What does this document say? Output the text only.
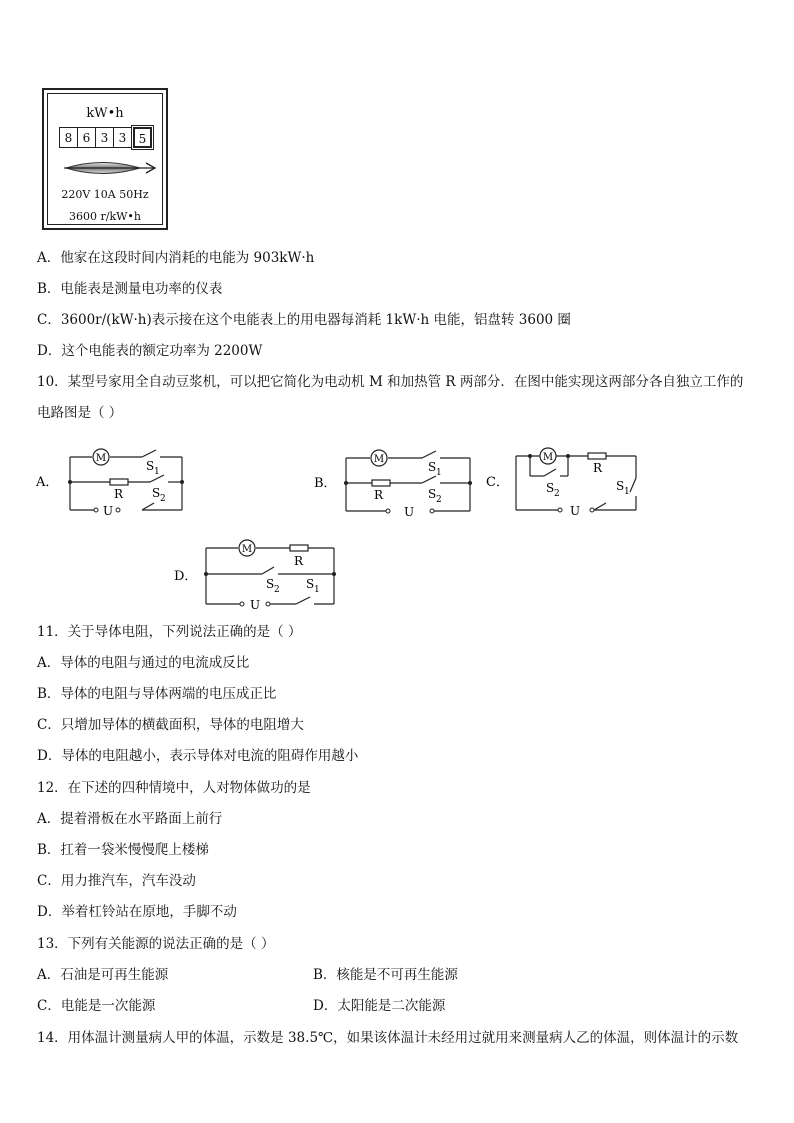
kW•h
8 6 3 3	5
220V 10A 50Hz
3600 r/kW•h
A．他家在这段时间内消耗的电能为 903kW·h
B．电能表是测量电功率的仪表
C．3600r/(kW·h)表示接在这个电能表上的用电器每消耗 1kW·h 电能，铝盘转 3600 圈
D．这个电能表的额定功率为 2200W
10．某型号家用全自动豆浆机，可以把它简化为电动机 M 和加热管 R 两部分．在图中能实现这两部分各自独立工作的
电路图是（ ）
A．
M
R
S 1
S 2
U
B．
M
R
S 1
S 2
U
C．
M
R
S 1
S 2
U
D．
M
R
S 2 S 1
U
11．关于导体电阻，下列说法正确的是（ ）
A．导体的电阻与通过的电流成反比
B．导体的电阻与导体两端的电压成正比
C．只增加导体的横截面积，导体的电阻增大
D．导体的电阻越小，表示导体对电流的阻碍作用越小
12．在下述的四种情境中，人对物体做功的是
A．提着滑板在水平路面上前行
B．扛着一袋米慢慢爬上楼梯
C．用力推汽车，汽车没动
D．举着杠铃站在原地，手脚不动
13．下列有关能源的说法正确的是（ ）
A．石油是可再生能源	B．核能是不可再生能源
C．电能是一次能源	D．太阳能是二次能源
14．用体温计测量病人甲的体温，示数是 38.5℃，如果该体温计未经用过就用来测量病人乙的体温，则体温计的示数
